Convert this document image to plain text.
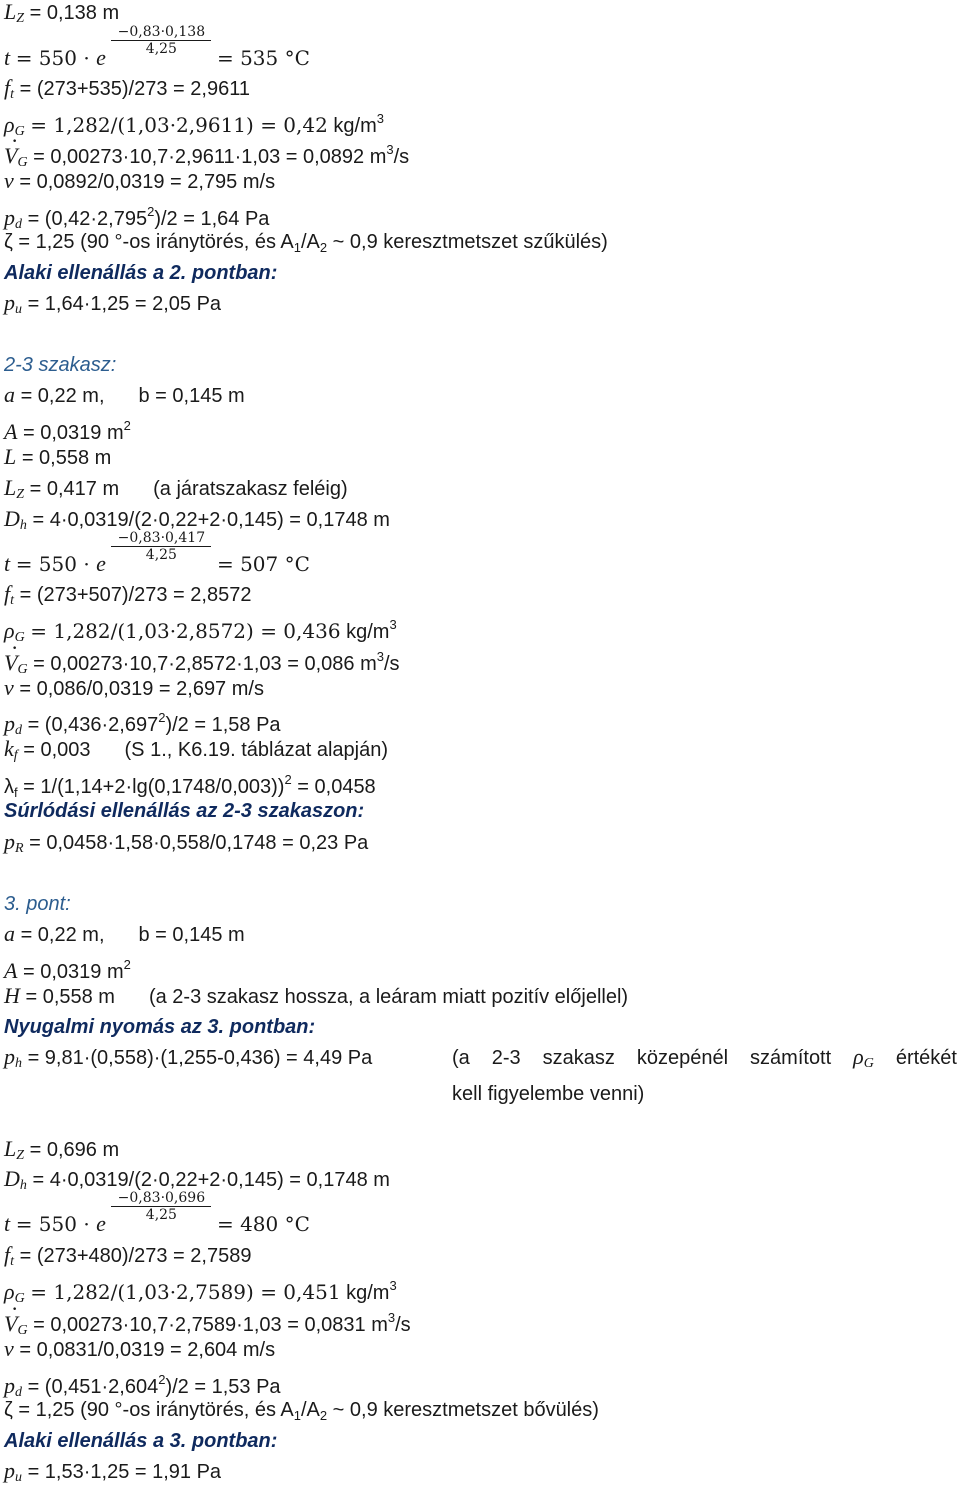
LZ = 0,138 m
t = 550 · e $\frac{-0,83\cdot 0,138}{4,25} = 535$ °C
ft = (273+535)/273 = 2,9611
ρG = 1,282/(1,03·2,9611) = 0,42 $kg/m^3$
· VG = 0,00273·10,7·2,9611·1,03 = 0,0892 $m^3/s$
v = 0,0892/0,0319 = 2,795 m/s
pd = $(0,42\cdot 2,795^2)/2 = 1,64$ Pa
ζ = 1,25 (90 °-os iránytörés, és $A_1/A_2$ ~ 0,9 keresztmetszet szűkülés)
Alaki ellenállás a 2. pontban:
pu = 1,64·1,25 = 2,05 Pa
2-3 szakasz:
a = 0,22 m, b = 0,145 m
A = 0,0319 $m^2$
L = 0,558 m
LZ = 0,417 m (a járatszakasz feléig)
Dh = 4·0,0319/(2·0,22+2·0,145) = 0,1748 m
t = 550 · e $\frac{-0,83\cdot 0,417}{4,25} = 507$ °C
ft = (273+507)/273 = 2,8572
ρG = 1,282/(1,03·2,8572) = 0,436 $kg/m^3$
· VG = 0,00273·10,7·2,8572·1,03 = 0,086 $m^3/s$
v = 0,086/0,0319 = 2,697 m/s
pd = $(0,436\cdot 2,697^2)/2 = 1,58$ Pa
kf = 0,003 (S 1., K6.19. táblázat alapján)
$\lambda_f = 1/(1,14+2\cdot\lg(0,1748/0,003))^2 = 0,0458$
Súrlódási ellenállás az 2-3 szakaszon:
pR = 0,0458·1,58·0,558/0,1748 = 0,23 Pa
3. pont:
a = 0,22 m, b = 0,145 m
A = 0,0319 $m^2$
H = 0,558 m (a 2-3 szakasz hossza, a leáram miatt pozitív előjellel)
Nyugalmi nyomás az 3. pontban:
ph = 9,81·(0,558)·(1,255-0,436) = 4,49 Pa	(a 2-3 szakasz közepénél számított ρG értékét
kell figyelembe venni)
LZ = 0,696 m
Dh = 4·0,0319/(2·0,22+2·0,145) = 0,1748 m
t = 550 · e $\frac{-0,83\cdot 0,696}{4,25} = 480$ °C
ft = (273+480)/273 = 2,7589
ρG = 1,282/(1,03·2,7589) = 0,451 $kg/m^3$
· VG = 0,00273·10,7·2,7589·1,03 = 0,0831 $m^3/s$
v = 0,0831/0,0319 = 2,604 m/s
pd = $(0,451\cdot 2,604^2)/2 = 1,53$ Pa
ζ = 1,25 (90 °-os iránytörés, és $A_1/A_2$ ~ 0,9 keresztmetszet bővülés)
Alaki ellenállás a 3. pontban:
pu = 1,53·1,25 = 1,91 Pa
